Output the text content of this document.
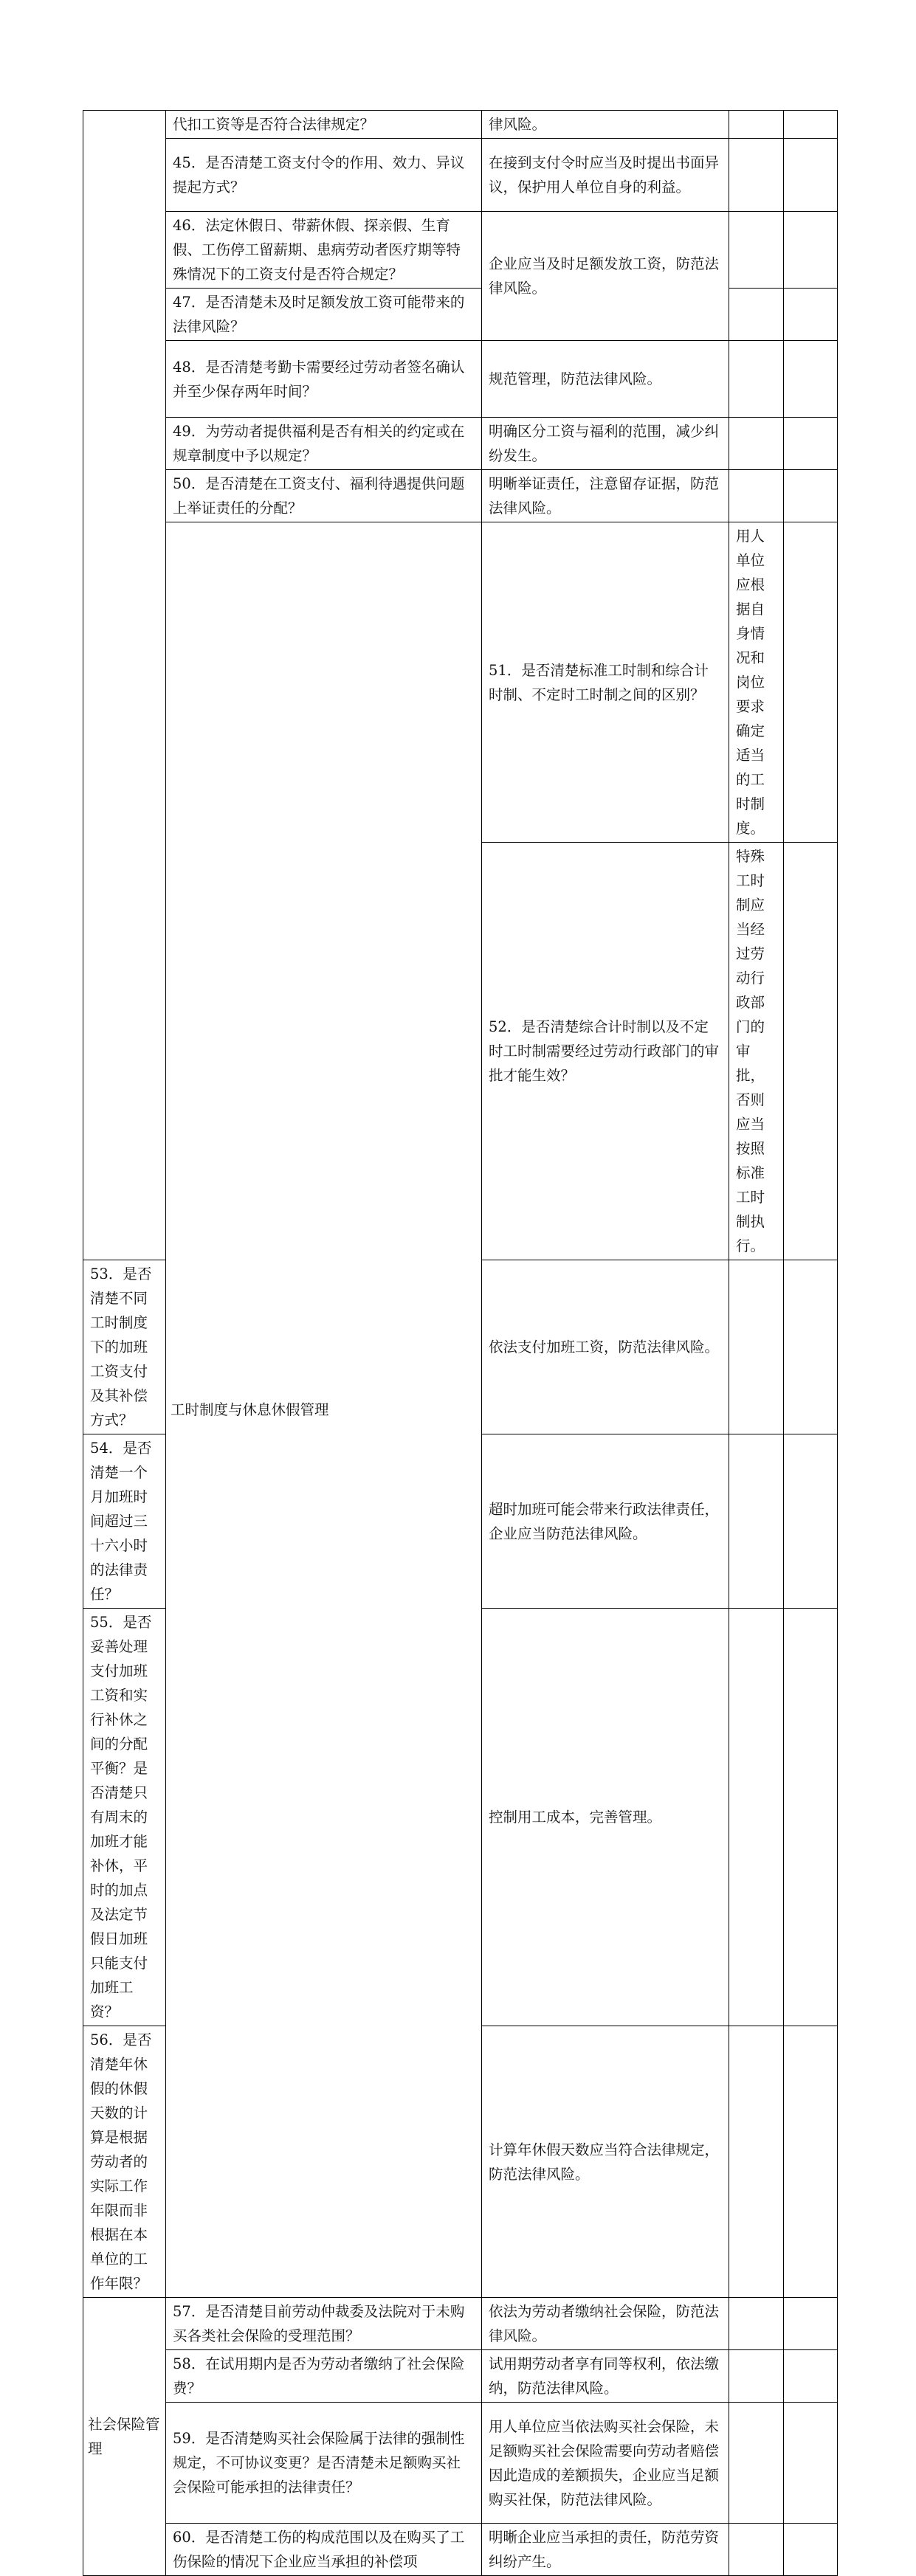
	代扣工资等是否符合法律规定？	律风险。			
	45．是否清楚工资支付令的作用、效力、异议提起方式？	在接到支付令时应当及时提出书面异议，保护用人单位自身的利益。			
	46．法定休假日、带薪休假、探亲假、生育假、工伤停工留薪期、患病劳动者医疗期等特殊情况下的工资支付是否符合规定？	企业应当及时足额发放工资，防范法律风险。			
	47．是否清楚未及时足额发放工资可能带来的法律风险？				
	48．是否清楚考勤卡需要经过劳动者签名确认并至少保存两年时间？	规范管理，防范法律风险。			
	49．为劳动者提供福利是否有相关的约定或在规章制度中予以规定？	明确区分工资与福利的范围，减少纠纷发生。			
	50．是否清楚在工资支付、福利待遇提供问题上举证责任的分配？	明晰举证责任，注意留存证据，防范法律风险。			
	工时制度与休息休假管理	51．是否清楚标准工时制和综合计时制、不定时工时制之间的区别？	用人单位应根据自身情况和岗位要求确定适当的工时制度。		
		52．是否清楚综合计时制以及不定时工时制需要经过劳动行政部门的审批才能生效？	特殊工时制应当经过劳动行政部门的审批，否则应当按照标准工时制执行。		
53．是否清楚不同工时制度下的加班工资支付及其补偿方式？		依法支付加班工资，防范法律风险。			
54．是否清楚一个月加班时间超过三十六小时的法律责任？		超时加班可能会带来行政法律责任，企业应当防范法律风险。			
55．是否妥善处理支付加班工资和实行补休之间的分配平衡？是否清楚只有周末的加班才能补休，平时的加点及法定节假日加班只能支付加班工资？		控制用工成本，完善管理。			
56．是否清楚年休假的休假天数的计算是根据劳动者的实际工作年限而非根据在本单位的工作年限？		计算年休假天数应当符合法律规定，防范法律风险。			
社会保险管理	57．是否清楚目前劳动仲裁委及法院对于未购买各类社会保险的受理范围？	依法为劳动者缴纳社会保险，防范法律风险。			
	58．在试用期内是否为劳动者缴纳了社会保险费？	试用期劳动者享有同等权利，依法缴纳，防范法律风险。			
	59．是否清楚购买社会保险属于法律的强制性规定，不可协议变更？是否清楚未足额购买社会保险可能承担的法律责任？	用人单位应当依法购买社会保险，未足额购买社会保险需要向劳动者赔偿因此造成的差额损失，企业应当足额购买社保，防范法律风险。			
	60．是否清楚工伤的构成范围以及在购买了工伤保险的情况下企业应当承担的补偿项	明晰企业应当承担的责任，防范劳资纠纷产生。			
